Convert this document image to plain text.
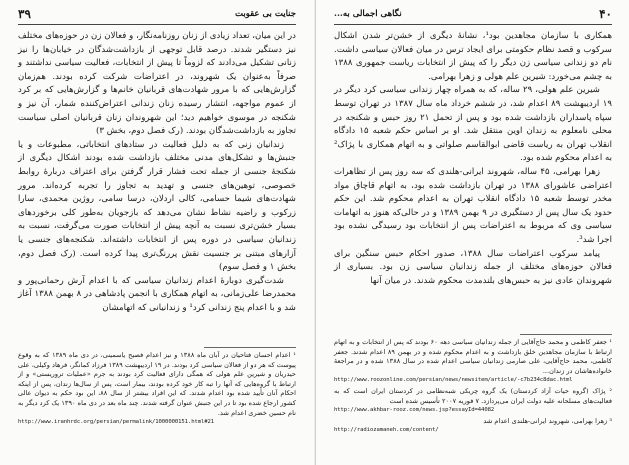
۴۰
نگاهی اجمالی به...

همکاری با سازمان مجاهدین بود¹، نشانهٔ دیگری از خشن‌تر شدن اشکال سرکوب و قصد نظام حکومتی برای ایجاد ترس در میان فعالان سیاسی داشت. نام دو زندانی سیاسی زن دیگر را که پیش از انتخابات ریاست جمهوری ۱۳۸۸ به چشم می‌خورد: شیرین علم هولی و زهرا بهرامی.

شیرین علم هولی، ۲۹ ساله، که به همراه چهار زندانی سیاسی کرد دیگر در ۱۹ اردیبهشت ۸۹ اعدام شد، در ششم خرداد ماه سال ۱۳۸۷ در تهران توسط سپاه پاسداران بازداشت شده بود و پس از تحمل ۲۱ روز حبس و شکنجه در محلی نامعلوم به زندان اوین منتقل شد. او بر اساس حکم شعبه ۱۵ دادگاه انقلاب تهران به ریاست قاضی ابوالقاسم صلواتی و به اتهام همکاری با پژاک² به اعدام محکوم شده بود.

زهرا بهرامی، ۴۵ ساله، شهروند ایرانی-هلندی که سه روز پس از تظاهرات اعتراضی عاشورای ۱۳۸۸ در تهران بازداشت شده بود، به اتهام قاچاق مواد مخدر توسط شعبه ۱۵ دادگاه انقلاب تهران به اعدام محکوم شد. این حکم حدود یک سال پس از دستگیری در ۹ بهمن ۱۳۸۹ و در حالی‌که هنوز به اتهامات سیاسی وی که مربوط به اعتراضات پس از انتخابات بود رسیدگی نشده بود اجرا شد³.

پیامد سرکوب اعتراضات سال ۱۳۸۸، صدور احکام حبس سنگین برای فعالان حوزه‌های مختلف از جمله زندانیان سیاسی زن بود. بسیاری از شهروندان عادی نیز به حبس‌های بلندمدت محکوم شدند. در میان آنها

¹ جعفر کاظمی و محمد حاج‌آقایی از جمله زندانیان سیاسی دهه ۶۰ بودند که پس از انتخابات و به اتهام ارتباط با سازمان مجاهدین خلق بازداشت و به اعدام محکوم شده و در بهمن ۸۹ اعدام شدند. جعفر کاظمی، محمد حاج‌آقایی، علی صارمی زندانیان سیاسی اعدام شده در سال ۱۳۸۸ شده و در مراجعهٔ خانواده‌هاشان در زندان...
http://www.roozonline.com/persian/news/newsitem/article/-c7b234c8dac.html
² پژاک (گروه حیات آزاد کردستان) یک گروه چریکی شبه‌نظامی در کردستان ایران است که به فعالیت‌های مسلحانه علیه دولت ایران می‌پردازد. ۷ فوریه ۲۰۰۷ تأسیس شده است
http://www.akhbar-rooz.com/news.jsp?essayId=44082
³ زهرا بهرامی، شهروند ایرانی-هلندی اعدام شد
http://radiozamaneh.com/content/
۳۹	جنایت بی عقوبت

در این میان، تعداد زیادی از زنان روزنامه‌نگار، و فعالان زن در حوزه‌های مختلف نیز دستگیر شدند. درصد قابل توجهی از بازداشت‌شدگان در خیابان‌ها را نیز زنانی تشکیل می‌دادند که لزوماً تا پیش از انتخابات، فعالیت سیاسی نداشتند و صرفاً به‌عنوان یک شهروند، در اعتراضات شرکت کرده بودند. هم‌زمان گزارش‌هایی که با مرور شهادت‌های قربانیان خانم‌ها و گزارش‌هایی که بر کرد از عموم مواجهه، انتشار رسیده زنان زندانی اعتراض‌کننده شمار، آن نیز و شکنجه در موسوی خواهیم دید؛ این شهروندان زنان قربانیان اصلی سیاست تجاوز به بازداشت‌شدگان بودند. (رک فصل دوم، بخش ۳)

زندانیان زنی که به دلیل فعالیت در ستادهای انتخاباتی، مطبوعات و یا جنبش‌ها و تشکل‌های مدنی مختلف بازداشت شده بودند اشکال دیگری از شکنجهٔ جنسی از جمله تحت فشار قرار گرفتن برای اعتراف دربارهٔ روابط خصوصی، توهین‌های جنسی و تهدید به تجاوز را تجربه کرده‌اند. مرور شهادت‌های شیما حسامی، کالی اردلان، درسا سامی، روژین محمدی، سارا زرکوب و راضیه نشاط نشان می‌دهد که بازجویان به‌طور کلی برخوردهای بسیار خشن‌تری نسبت به آنچه پیش از انتخابات صورت می‌گرفت، نسبت به زندانیان سیاسی در دوره پس از انتخابات داشته‌اند. شکنجه‌های جنسی یا آزارهای مبتنی بر جنسیت نقش پررنگ‌تری پیدا کرده است. (رک فصل دوم، بخش ۱ و فصل سوم)

شدت‌گیری دوبارهٔ اعدام زندانیان سیاسی که با اعدام آرش رحمانی‌پور و محمدرضا علی‌زمانی، به اتهام همکاری با انجمن پادشاهی در ۸ بهمن ۱۳۸۸ آغاز شد و با اعدام پنج زندانی کرد¹ و زندانیانی که اتهامشان

¹ اعدام احسان فتاحیان در آبان ماه ۱۳۸۸ و نیز اعدام فصیح یاسمینی، در دی ماه ۱۳۸۹ که به وقوع پیوست که هر دو از فعالان سیاسی کرد بودند. در ۱۹ اردیبهشت ۱۳۸۹ فرزاد کمانگر، فرهاد وکیلی، علی حیدریان و شیرین علم هولی که همگی دارای فعالیت کرد بودند به جرم «عملیات تروریستی» و از ارتباط با گروه‌هایی که آنها را تبه کار خود کرده بودند، بیمار است، پس از سال‌ها زندان، پس از اینکه احکام آنان تأیید شده بود اعدام شدند. که این افراد بیشتر از سال ۸۸، این بود حکم به دیوان عالی کشور ارجاع شده بود تا در این جنبش عنوان گرفته شدند. چند ماه بعد در دی ماه ۱۳۹۰ یک کرد دیگر به نام حسین خضری اعدام شد.
http://www.iranhrdc.org/persian/permalink/1000000151.html#21
